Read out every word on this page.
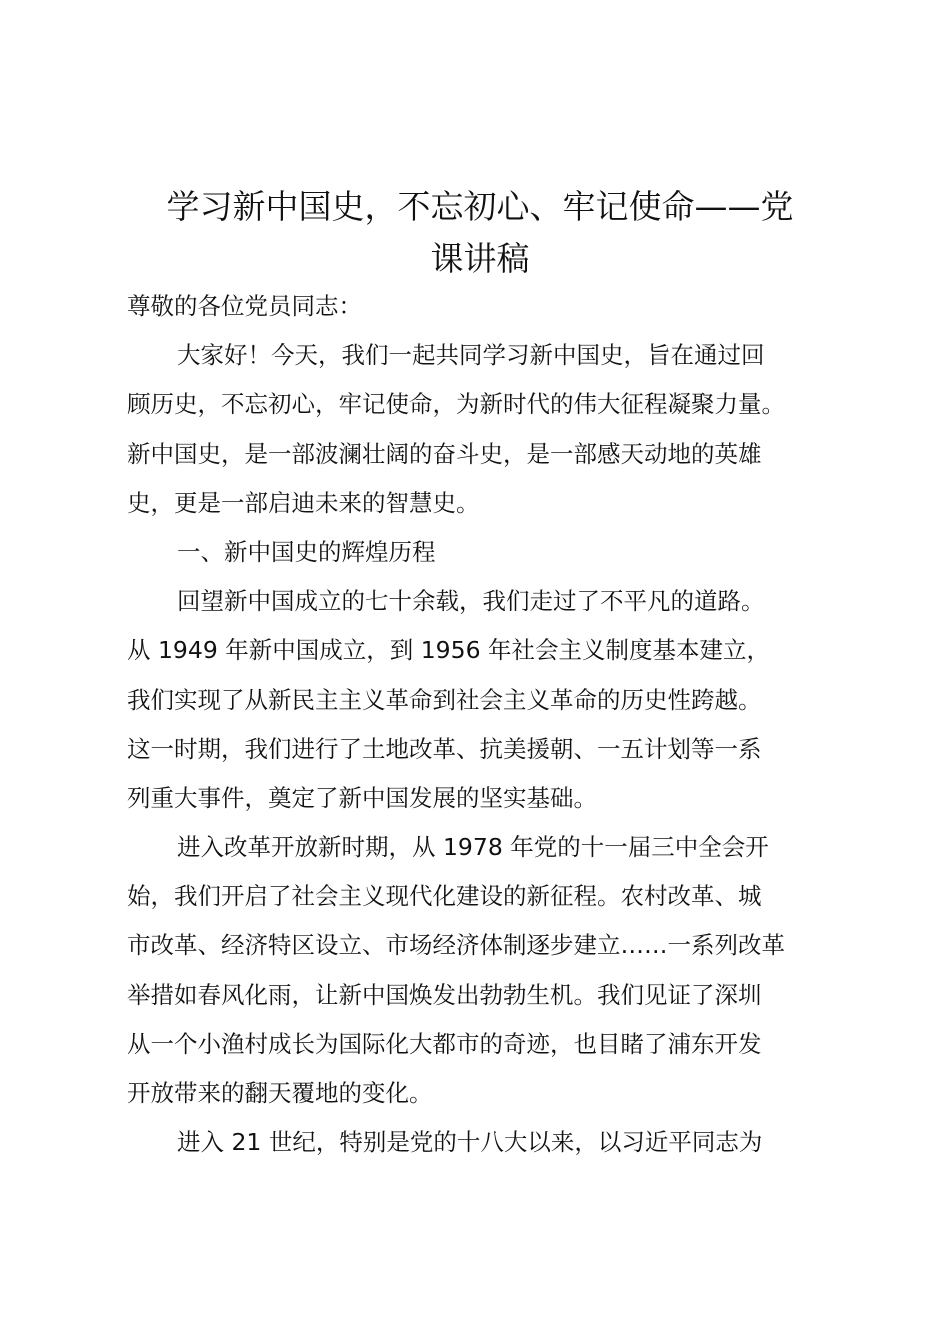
学习新中国史，不忘初心、牢记使命——党
课讲稿
尊敬的各位党员同志：
大家好！今天，我们一起共同学习新中国史，旨在通过回
顾历史，不忘初心，牢记使命，为新时代的伟大征程凝聚力量。
新中国史，是一部波澜壮阔的奋斗史，是一部感天动地的英雄
史，更是一部启迪未来的智慧史。
一、新中国史的辉煌历程
回望新中国成立的七十余载，我们走过了不平凡的道路。
从 1949 年新中国成立，到 1956 年社会主义制度基本建立，
我们实现了从新民主主义革命到社会主义革命的历史性跨越。
这一时期，我们进行了土地改革、抗美援朝、一五计划等一系
列重大事件，奠定了新中国发展的坚实基础。
进入改革开放新时期，从 1978 年党的十一届三中全会开
始，我们开启了社会主义现代化建设的新征程。农村改革、城
市改革、经济特区设立、市场经济体制逐步建立……一系列改革
举措如春风化雨，让新中国焕发出勃勃生机。我们见证了深圳
从一个小渔村成长为国际化大都市的奇迹，也目睹了浦东开发
开放带来的翻天覆地的变化。
进入 21 世纪，特别是党的十八大以来，以习近平同志为
